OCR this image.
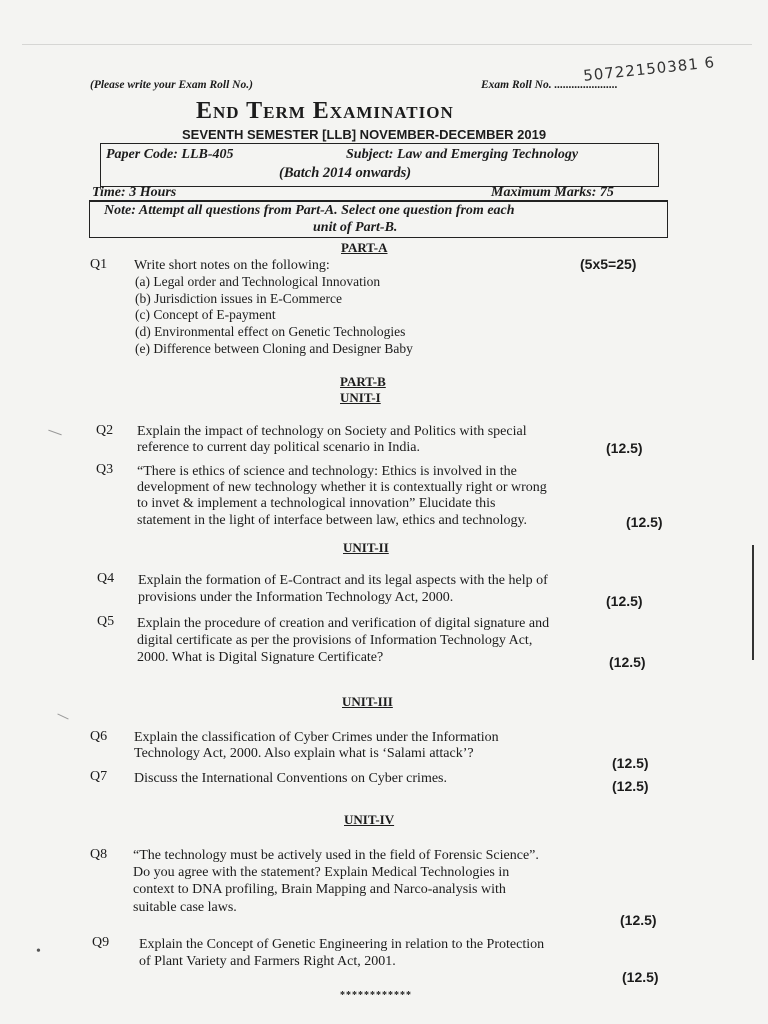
(Please write your Exam Roll No.)	Exam Roll No. ......................
50722150381 6
End Term Examination
SEVENTH SEMESTER [LLB] NOVEMBER-DECEMBER 2019
Paper Code: LLB-405	Subject: Law and Emerging Technology
(Batch 2014 onwards)
Time: 3 Hours	Maximum Marks: 75
Note: Attempt all questions from Part-A. Select one question from each
unit of Part-B.
PART-A
Q1 Write short notes on the following:	(5x5=25)
(a) Legal order and Technological Innovation
(b) Jurisdiction issues in E-Commerce
(c) Concept of E-payment
(d) Environmental effect on Genetic Technologies
(e) Difference between Cloning and Designer Baby
PART-B
UNIT-I
Q2 Explain the impact of technology on Society and Politics with special
reference to current day political scenario in India.	(12.5)
Q3 “There is ethics of science and technology: Ethics is involved in the
development of new technology whether it is contextually right or wrong
to invet & implement a technological innovation” Elucidate this
statement in the light of interface between law, ethics and technology.	(12.5)
UNIT-II
Q4 Explain the formation of E-Contract and its legal aspects with the help of
provisions under the Information Technology Act, 2000.	(12.5)
Q5 Explain the procedure of creation and verification of digital signature and
digital certificate as per the provisions of Information Technology Act,
2000. What is Digital Signature Certificate?	(12.5)
UNIT-III
Q6 Explain the classification of Cyber Crimes under the Information
Technology Act, 2000. Also explain what is ‘Salami attack’?
(12.5)
Q7 Discuss the International Conventions on Cyber crimes.	(12.5)
UNIT-IV
Q8 “The technology must be actively used in the field of Forensic Science”.
Do you agree with the statement? Explain Medical Technologies in
context to DNA profiling, Brain Mapping and Narco-analysis with
suitable case laws.
(12.5)
•
Q9 Explain the Concept of Genetic Engineering in relation to the Protection
of Plant Variety and Farmers Right Act, 2001.
(12.5)
************
